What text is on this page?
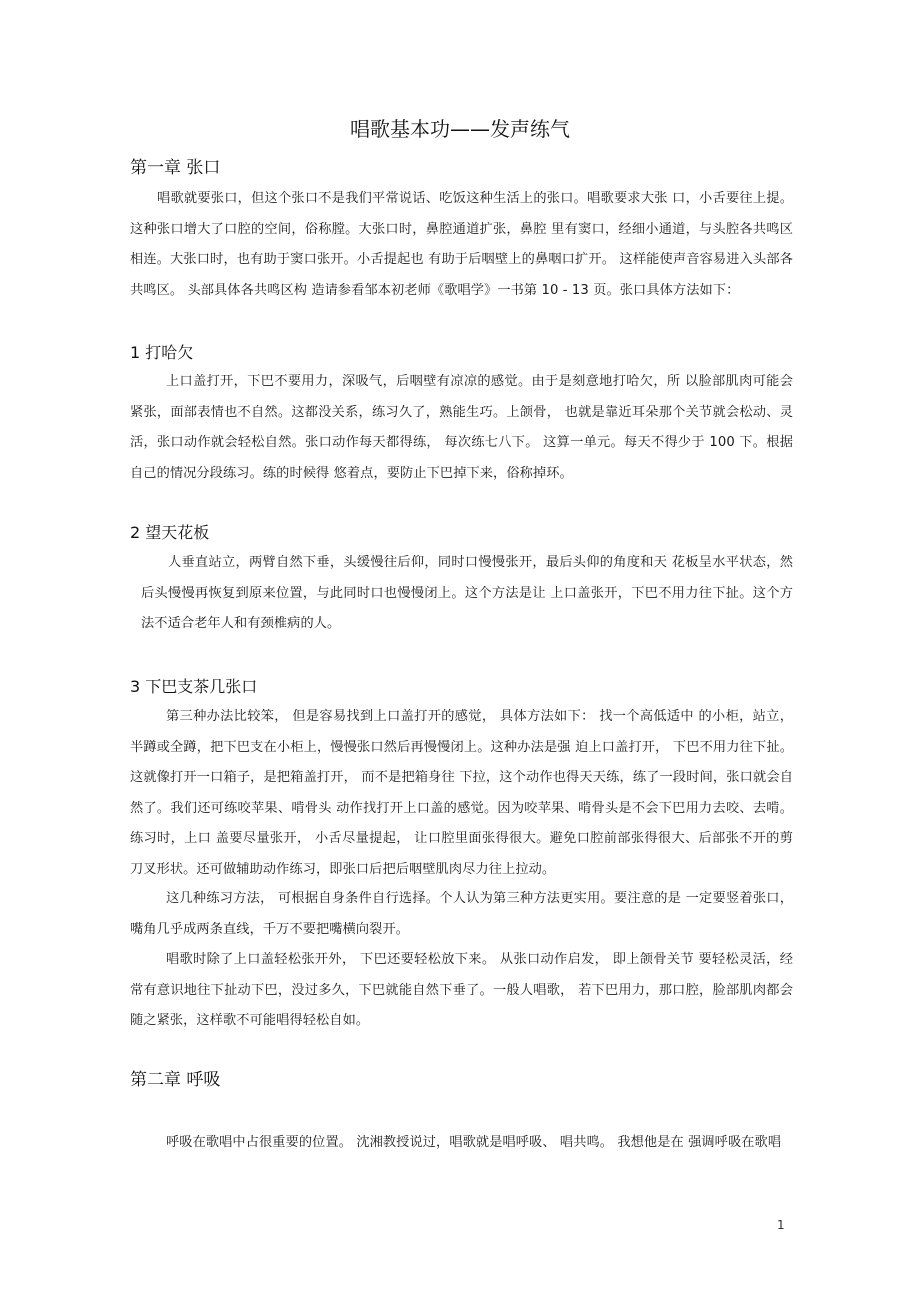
唱歌基本功——发声练气
第一章 张口
唱歌就要张口，但这个张口不是我们平常说话、吃饭这种生活上的张口。唱歌要求大张 口，小舌要往上提。这种张口增大了口腔的空间，俗称膛。大张口时，鼻腔通道扩张，鼻腔 里有窦口，经细小通道，与头腔各共鸣区相连。大张口时，也有助于窦口张开。小舌提起也 有助于后咽壁上的鼻咽口扩开。 这样能使声音容易进入头部各共鸣区。 头部具体各共鸣区构 造请参看邹本初老师《歌唱学》一书第 10 - 13 页。张口具体方法如下：
1 打哈欠
上口盖打开，下巴不要用力，深吸气，后咽壁有凉凉的感觉。由于是刻意地打哈欠，所 以脸部肌肉可能会紧张，面部表情也不自然。这都没关系，练习久了，熟能生巧。上颌骨， 也就是靠近耳朵那个关节就会松动、灵活，张口动作就会轻松自然。张口动作每天都得练， 每次练七八下。 这算一单元。每天不得少于 100 下。根据自己的情况分段练习。练的时候得 悠着点，要防止下巴掉下来，俗称掉环。
2 望天花板
人垂直站立，两臂自然下垂，头缓慢往后仰，同时口慢慢张开，最后头仰的角度和天 花板呈水平状态，然后头慢慢再恢复到原来位置，与此同时口也慢慢闭上。这个方法是让 上口盖张开，下巴不用力往下扯。这个方法不适合老年人和有颈椎病的人。
3 下巴支茶几张口
第三种办法比较笨， 但是容易找到上口盖打开的感觉， 具体方法如下： 找一个高低适中 的小柜，站立，半蹲或全蹲，把下巴支在小柜上，慢慢张口然后再慢慢闭上。这种办法是强 迫上口盖打开， 下巴不用力往下扯。这就像打开一口箱子，是把箱盖打开， 而不是把箱身往 下拉，这个动作也得天天练，练了一段时间，张口就会自然了。我们还可练咬苹果、啃骨头 动作找打开上口盖的感觉。因为咬苹果、啃骨头是不会下巴用力去咬、去啃。练习时，上口 盖要尽量张开， 小舌尽量提起， 让口腔里面张得很大。避免口腔前部张得很大、后部张不开的剪刀叉形状。还可做辅助动作练习，即张口后把后咽壁肌肉尽力往上拉动。
这几种练习方法， 可根据自身条件自行选择。个人认为第三种方法更实用。要注意的是 一定要竖着张口，嘴角几乎成两条直线，千万不要把嘴横向裂开。
唱歌时除了上口盖轻松张开外， 下巴还要轻松放下来。 从张口动作启发， 即上颌骨关节 要轻松灵活，经常有意识地往下扯动下巴，没过多久，下巴就能自然下垂了。一般人唱歌， 若下巴用力，那口腔，脸部肌肉都会随之紧张，这样歌不可能唱得轻松自如。
第二章 呼吸
呼吸在歌唱中占很重要的位置。 沈湘教授说过，唱歌就是唱呼吸、 唱共鸣。 我想他是在 强调呼吸在歌唱
1
